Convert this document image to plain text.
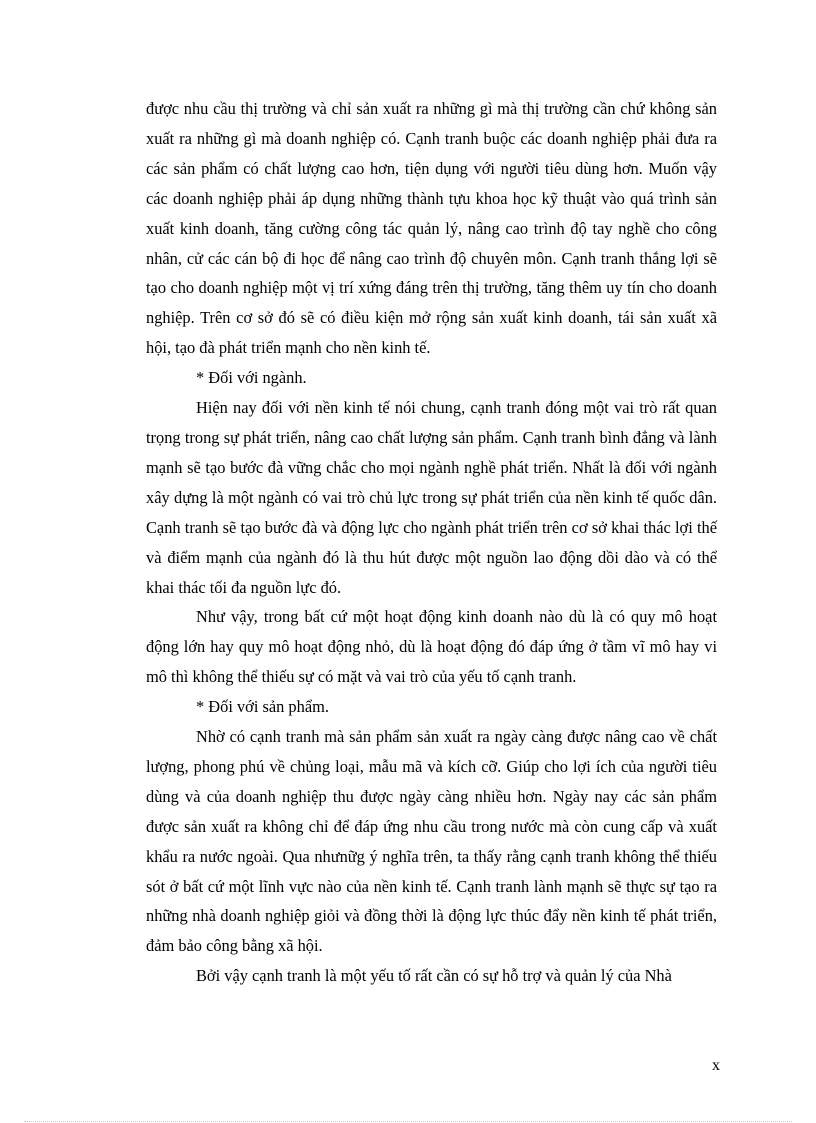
được nhu cầu thị trường và chỉ sản xuất ra những gì mà thị trường cần chứ không sản xuất ra những gì mà doanh nghiệp có. Cạnh tranh buộc các doanh nghiệp phải đưa ra các sản phẩm có chất lượng cao hơn, tiện dụng với người tiêu dùng hơn. Muốn vậy các doanh nghiệp phải áp dụng những thành tựu khoa học kỹ thuật vào quá trình sản xuất kinh doanh, tăng cường công tác quản lý, nâng cao trình độ tay nghề cho công nhân, cử các cán bộ đi học để nâng cao trình độ chuyên môn. Cạnh tranh thắng lợi sẽ tạo cho doanh nghiệp một vị trí xứng đáng trên thị trường, tăng thêm uy tín cho doanh nghiệp. Trên cơ sở đó sẽ có điều kiện mở rộng sản xuất kinh doanh, tái sản xuất xã hội, tạo đà phát triển mạnh cho nền kinh tế.

* Đối với ngành.

Hiện nay đối với nền kinh tế nói chung, cạnh tranh đóng một vai trò rất quan trọng trong sự phát triển, nâng cao chất lượng sản phẩm. Cạnh tranh bình đẳng và lành mạnh sẽ tạo bước đà vững chắc cho mọi ngành nghề phát triển. Nhất là đối với ngành xây dựng là một ngành có vai trò chủ lực trong sự phát triển của nền kinh tế quốc dân. Cạnh tranh sẽ tạo bước đà và động lực cho ngành phát triển trên cơ sở khai thác lợi thế và điểm mạnh của ngành đó là thu hút được một nguồn lao động dồi dào và có thể khai thác tối đa nguồn lực đó.

Như vậy, trong bất cứ một hoạt động kinh doanh nào dù là có quy mô hoạt động lớn hay quy mô hoạt động nhỏ, dù là hoạt động đó đáp ứng ở tầm vĩ mô hay vi mô thì không thể thiếu sự có mặt và vai trò của yếu tố cạnh tranh.

* Đối với sản phẩm.

Nhờ có cạnh tranh mà sản phẩm sản xuất ra ngày càng được nâng cao về chất lượng, phong phú về chủng loại, mẫu mã và kích cỡ. Giúp cho lợi ích của người tiêu dùng và của doanh nghiệp thu được ngày càng nhiều hơn. Ngày nay các sản phẩm được sản xuất ra không chỉ để đáp ứng nhu cầu trong nước mà còn cung cấp và xuất khẩu ra nước ngoài. Qua nhưnữg ý nghĩa trên, ta thấy rằng cạnh tranh không thể thiếu sót ở bất cứ một lĩnh vực nào của nền kinh tế. Cạnh tranh lành mạnh sẽ thực sự tạo ra những nhà doanh nghiệp giỏi và đồng thời là động lực thúc đẩy nền kinh tế phát triển, đảm bảo công bằng xã hội.

Bởi vậy cạnh tranh là một yếu tố rất cần có sự hỗ trợ và quản lý của Nhà

x
